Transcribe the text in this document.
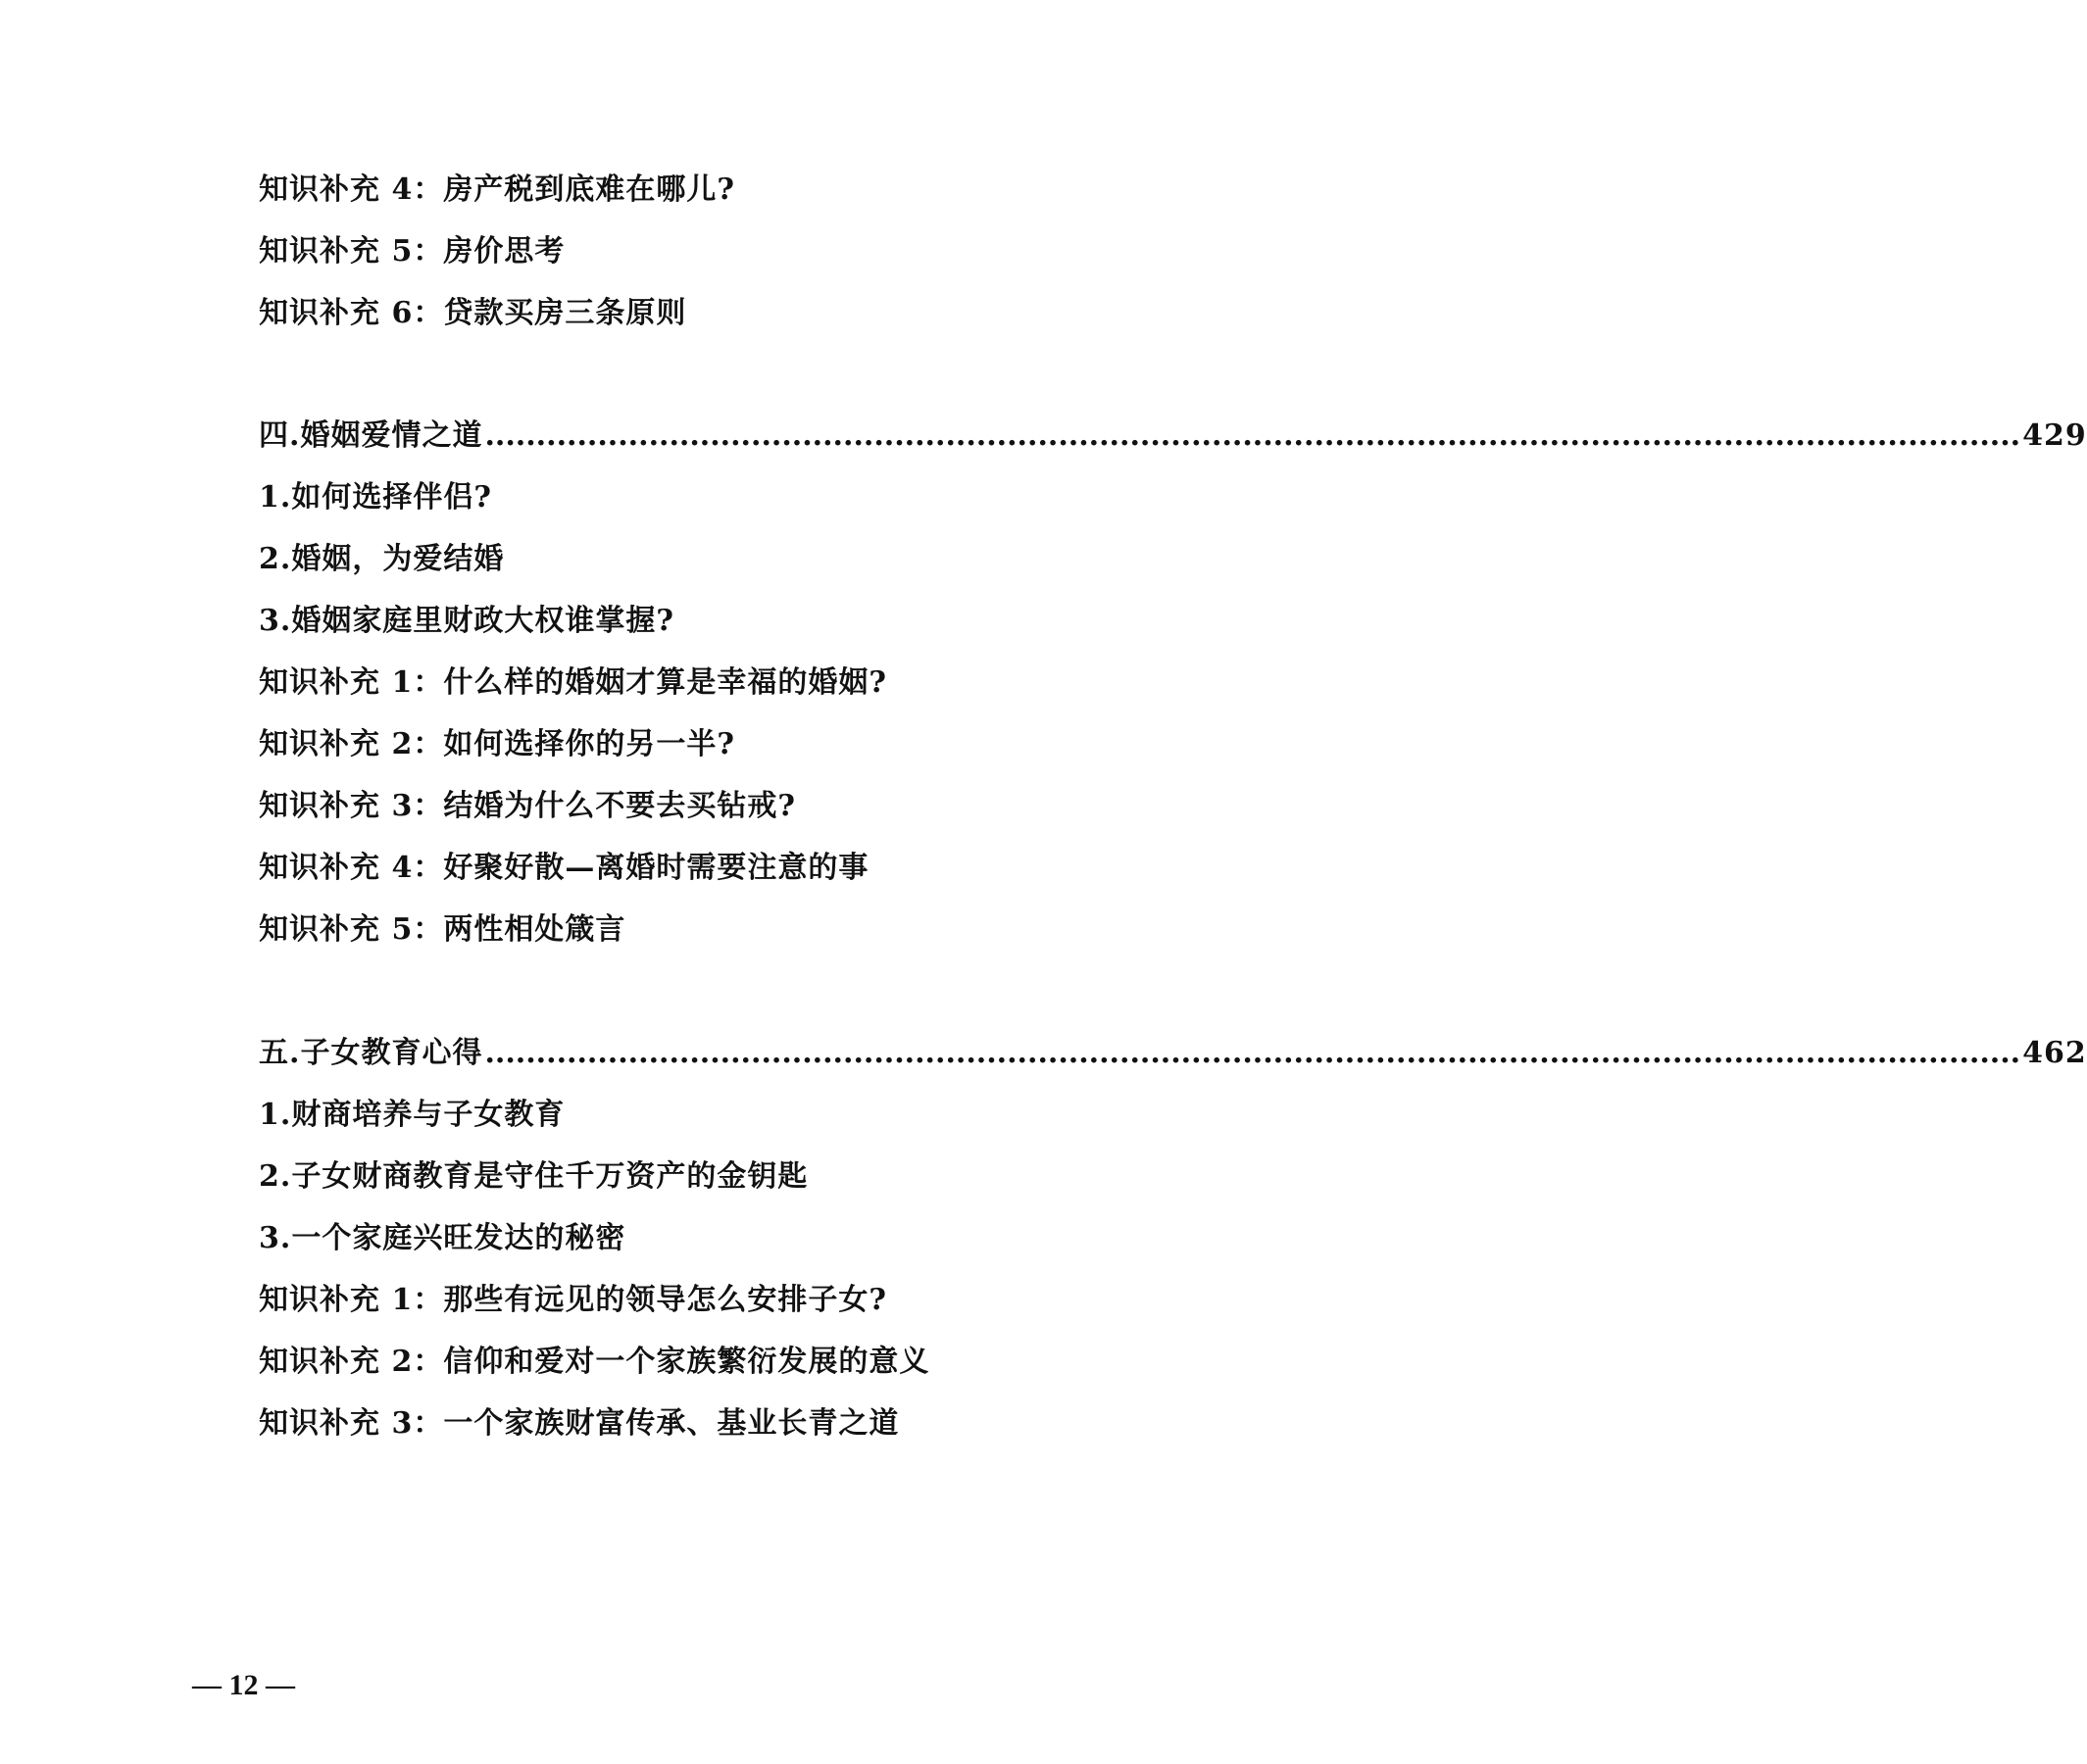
知识补充 4：房产税到底难在哪儿?
知识补充 5：房价思考
知识补充 6：贷款买房三条原则
四.婚姻爱情之道 ...................................................................................................................................................... 429
1.如何选择伴侣?
2.婚姻，为爱结婚
3.婚姻家庭里财政大权谁掌握?
知识补充 1：什么样的婚姻才算是幸福的婚姻?
知识补充 2：如何选择你的另一半?
知识补充 3：结婚为什么不要去买钻戒?
知识补充 4：好聚好散—离婚时需要注意的事
知识补充 5：两性相处箴言
五.子女教育心得 ...................................................................................................................................................... 462
1.财商培养与子女教育
2.子女财商教育是守住千万资产的金钥匙
3.一个家庭兴旺发达的秘密
知识补充 1：那些有远见的领导怎么安排子女?
知识补充 2：信仰和爱对一个家族繁衍发展的意义
知识补充 3：一个家族财富传承、基业长青之道
— 12 —
